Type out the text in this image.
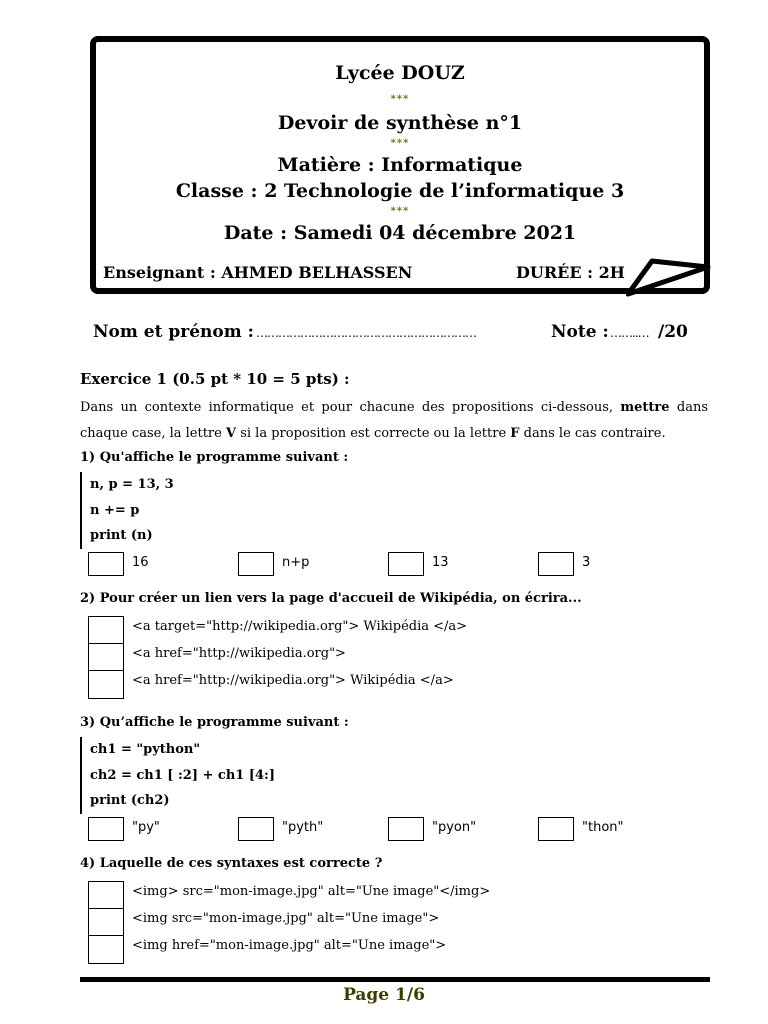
Lycée DOUZ
***
Devoir de synthèse n°1
***
Matière : Informatique
Classe : 2 Technologie de l’informatique 3
***
Date : Samedi 04 décembre 2021
Enseignant : AHMED BELHASSEN	DURÉE : 2H
Nom et prénom : ……………………………………………………	Note : ……..… /20
Exercice 1 (0.5 pt * 10 = 5 pts) :
Dans un contexte informatique et pour chacune des propositions ci-dessous, mettre dans chaque case, la lettre V si la proposition est correcte ou la lettre F dans le cas contraire.
1) Qu'affiche le programme suivant :
n, p = 13, 3
n += p
print (n)
16	n+p	13	3
2) Pour créer un lien vers la page d'accueil de Wikipédia, on écrira...
<a target="http://wikipedia.org"> Wikipédia </a>
<a href="http://wikipedia.org">
<a href="http://wikipedia.org"> Wikipédia </a>
3) Qu’affiche le programme suivant :
ch1 = "python"
ch2 = ch1 [ :2] + ch1 [4:]
print (ch2)
"py"	"pyth"	"pyon"	"thon"
4) Laquelle de ces syntaxes est correcte ?
<img> src="mon-image.jpg" alt="Une image"</img>
<img src="mon-image.jpg" alt="Une image">
<img href="mon-image.jpg" alt="Une image">
Page 1/6
